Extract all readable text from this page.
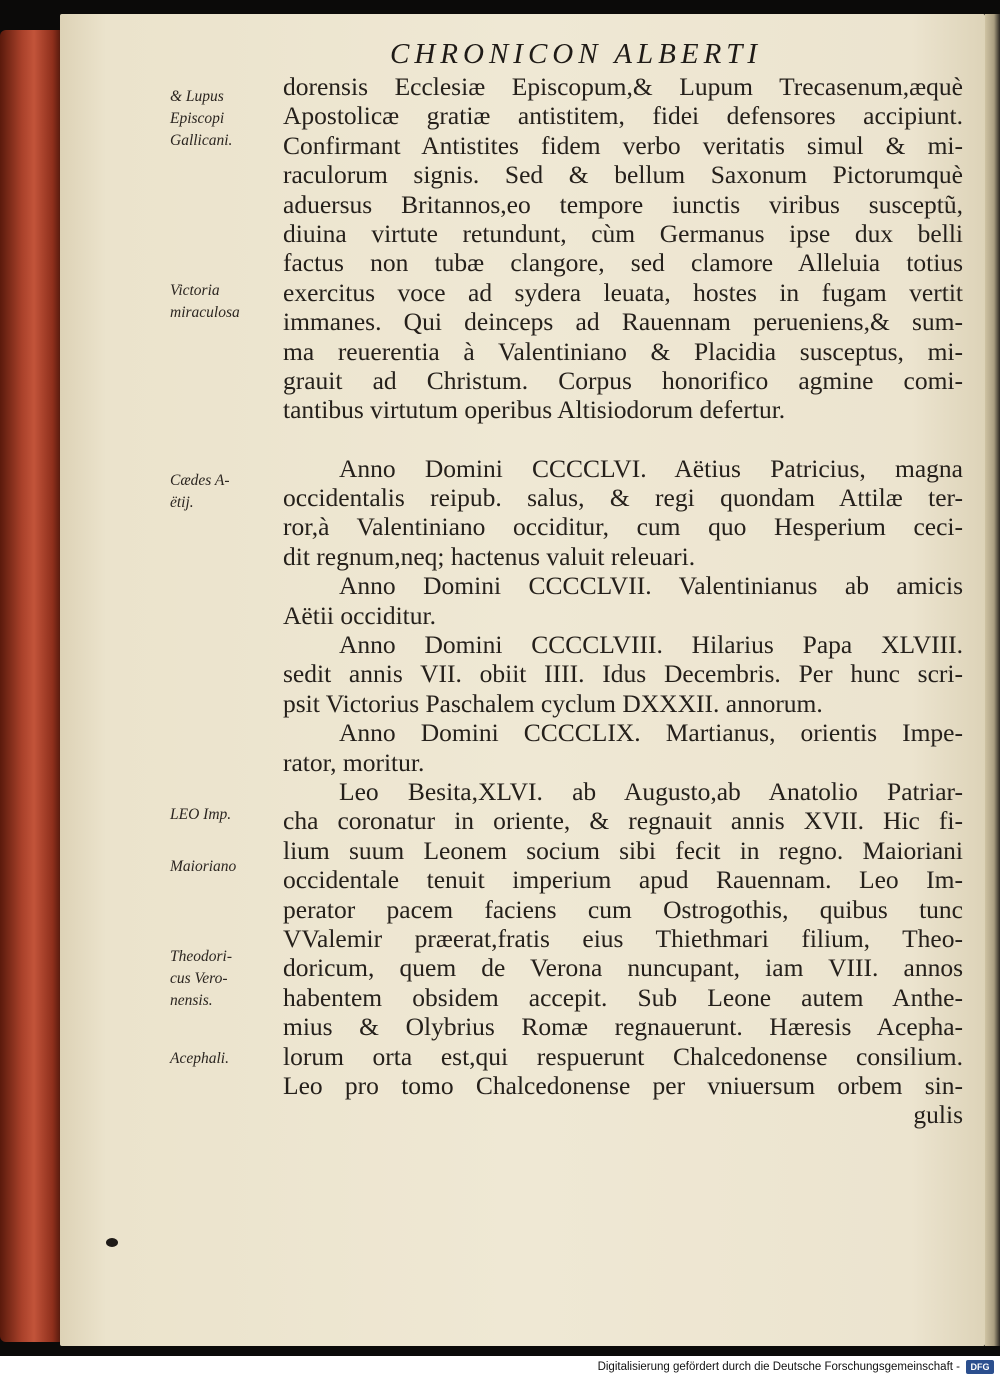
CHRONICON ALBERTI
& Lupus
Episcopi
Gallicani.
Victoria
miraculosa
Cædes A-
ëtij.
LEO Imp.
Maioriano
Theodori-
cus Vero-
nensis.
Acephali.
dorensis Ecclesiæ Episcopum,& Lupum Trecasenum,æquè
Apostolicæ gratiæ antistitem, fidei defensores accipiunt.
Confirmant Antistites fidem verbo veritatis simul & mi-
raculorum signis. Sed & bellum Saxonum Pictorumquè
aduersus Britannos,eo tempore iunctis viribus susceptũ,
diuina virtute retundunt, cùm Germanus ipse dux belli
factus non tubæ clangore, sed clamore Alleluia totius
exercitus voce ad sydera leuata, hostes in fugam vertit
immanes. Qui deinceps ad Rauennam perueniens,& sum-
ma reuerentia à Valentiniano & Placidia susceptus, mi-
grauit ad Christum. Corpus honorifico agmine comi-
tantibus virtutum operibus Altisiodorum defertur.
Anno Domini CCCCLVI. Aëtius Patricius, magna
occidentalis reipub. salus, & regi quondam Attilæ ter-
ror,à Valentiniano occiditur, cum quo Hesperium ceci-
dit regnum,neq; hactenus valuit releuari.
Anno Domini CCCCLVII. Valentinianus ab amicis
Aëtii occiditur.
Anno Domini CCCCLVIII. Hilarius Papa XLVIII.
sedit annis VII. obiit IIII. Idus Decembris. Per hunc scri-
psit Victorius Paschalem cyclum DXXXII. annorum.
Anno Domini CCCCLIX. Martianus, orientis Impe-
rator, moritur.
Leo Besita,XLVI. ab Augusto,ab Anatolio Patriar-
cha coronatur in oriente, & regnauit annis XVII. Hic fi-
lium suum Leonem socium sibi fecit in regno. Maioriani
occidentale tenuit imperium apud Rauennam. Leo Im-
perator pacem faciens cum Ostrogothis, quibus tunc
VValemir præerat,fratis eius Thiethmari filium, Theo-
doricum, quem de Verona nuncupant, iam VIII. annos
habentem obsidem accepit. Sub Leone autem Anthe-
mius & Olybrius Romæ regnauerunt. Hæresis Acepha-
lorum orta est,qui respuerunt Chalcedonense consilium.
Leo pro tomo Chalcedonense per vniuersum orbem sin-
gulis
Digitalisierung gefördert durch die Deutsche Forschungsgemeinschaft -	DFG
